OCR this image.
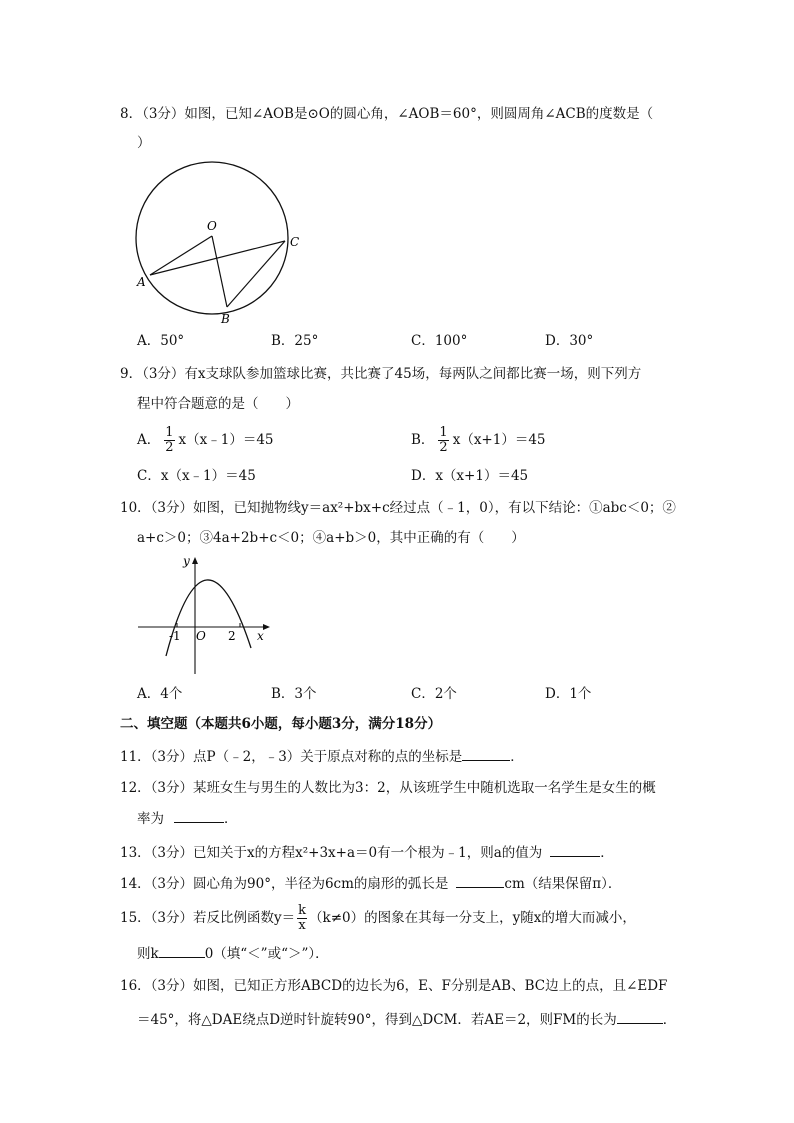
8．（3分）如图，已知∠AOB是⊙O的圆心角，∠AOB＝60°，则圆周角∠ACB的度数是（
）
O
A
B
C
A．50°	B．25°	C．100°	D．30°
9．（3分）有x支球队参加篮球比赛，共比赛了45场，每两队之间都比赛一场，则下列方
程中符合题意的是（　　）
A． $\frac{1}{2}$ x（x﹣1）＝45	B． $\frac{1}{2} x(x+1)=45$
C．x（x﹣1）＝45	D．x（x+1）＝45
10．（3分）如图，已知抛物线y＝ax²+bx+c经过点（﹣1，0），有以下结论：①abc＜0；②
a+c＞0；③4a+2b+c＜0；④a+b＞0，其中正确的有（　　）
y
x
O
-1	2
A．4个	B．3个	C．2个	D．1个
二、填空题（本题共6小题，每小题3分，满分18分）
11．（3分）点P（﹣2，﹣3）关于原点对称的点的坐标是	．
12．（3分）某班女生与男生的人数比为3：2，从该班学生中随机选取一名学生是女生的概
率为	．
13．（3分）已知关于x的方程x²+3x+a＝0有一个根为﹣1，则a的值为	．
14．（3分）圆心角为90°，半径为6cm的扇形的弧长是	cm（结果保留π）．
15．（3分）若反比例函数$y= \frac{k}{x} (k\ne 0)$的图象在其每一分支上，y随x的增大而减小，
则k	0（填“＜”或“＞”）．
16．（3分）如图，已知正方形ABCD的边长为6，E、F分别是AB、BC边上的点，且∠EDF
＝45°，将△DAE绕点D逆时针旋转90°，得到△DCM．若AE＝2，则FM的长为	．
